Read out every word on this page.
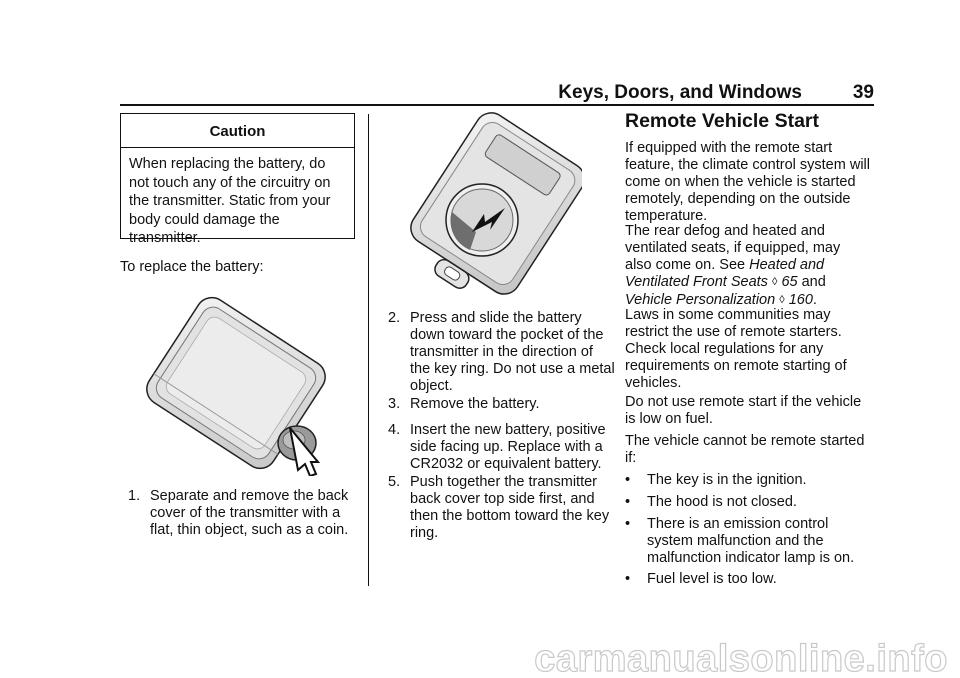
Keys, Doors, and Windows	39
Caution
When replacing the battery, do not touch any of the circuitry on the transmitter. Static from your body could damage the transmitter.
To replace the battery:
1. Separate and remove the back cover of the transmitter with a flat, thin object, such as a coin.
2. Press and slide the battery down toward the pocket of the transmitter in the direction of the key ring. Do not use a metal object.
3. Remove the battery.
4. Insert the new battery, positive side facing up. Replace with a CR2032 or equivalent battery.
5. Push together the transmitter back cover top side first, and then the bottom toward the key ring.
Remote Vehicle Start
If equipped with the remote start feature, the climate control system will come on when the vehicle is started remotely, depending on the outside temperature.
The rear defog and heated and ventilated seats, if equipped, may also come on. See Heated and Ventilated Front Seats ◊ 65 and Vehicle Personalization ◊ 160.
Laws in some communities may restrict the use of remote starters. Check local regulations for any requirements on remote starting of vehicles.
Do not use remote start if the vehicle is low on fuel.
The vehicle cannot be remote started if:
• The key is in the ignition.
• The hood is not closed.
• There is an emission control system malfunction and the malfunction indicator lamp is on.
• Fuel level is too low.
carmanualsonline.info
